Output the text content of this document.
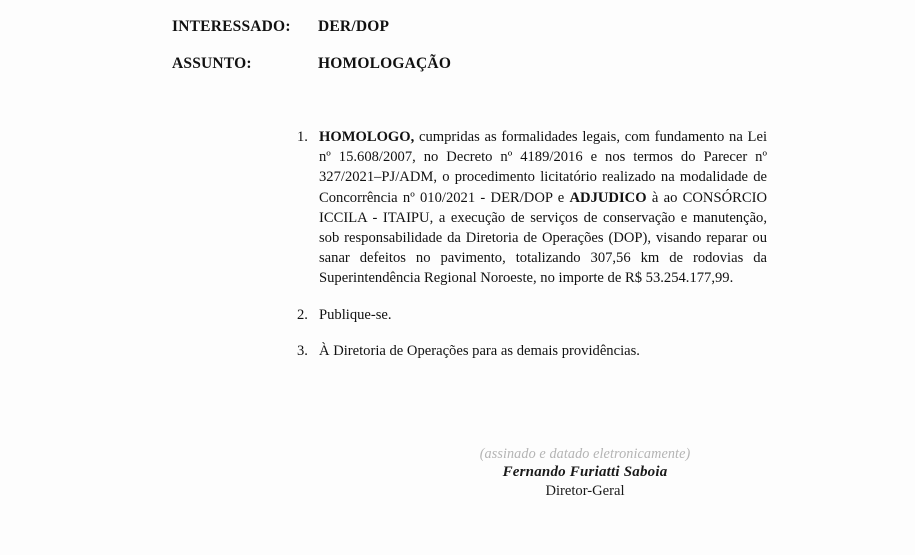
INTERESSADO:	DER/DOP
ASSUNTO:	HOMOLOGAÇÃO
1. HOMOLOGO, cumpridas as formalidades legais, com fundamento na Lei nº 15.608/2007, no Decreto nº 4189/2016 e nos termos do Parecer nº 327/2021–PJ/ADM, o procedimento licitatório realizado na modalidade de Concorrência nº 010/2021 - DER/DOP e ADJUDICO à ao CONSÓRCIO ICCILA - ITAIPU, a execução de serviços de conservação e manutenção, sob responsabilidade da Diretoria de Operações (DOP), visando reparar ou sanar defeitos no pavimento, totalizando 307,56 km de rodovias da Superintendência Regional Noroeste, no importe de R$ 53.254.177,99.
2. Publique-se.
3. À Diretoria de Operações para as demais providências.
(assinado e datado eletronicamente)
Fernando Furiatti Saboia
Diretor-Geral
